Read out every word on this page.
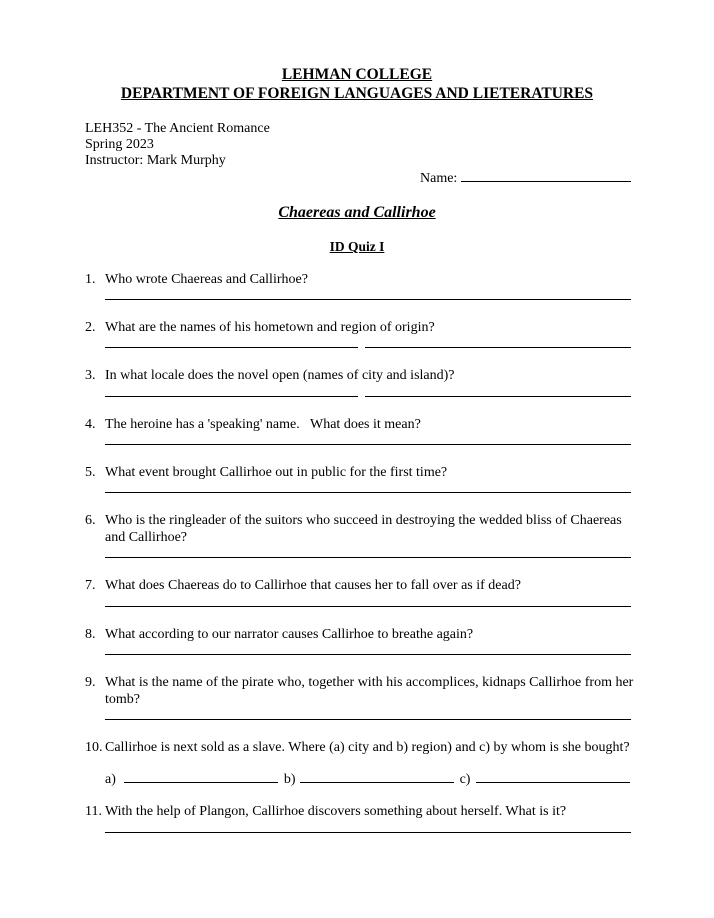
LEHMAN COLLEGE
DEPARTMENT OF FOREIGN LANGUAGES AND LIETERATURES
LEH352 - The Ancient Romance
Spring 2023
Instructor: Mark Murphy
Name:
Chaereas and Callirhoe
ID Quiz I
1. Who wrote Chaereas and Callirhoe?
2. What are the names of his hometown and region of origin?
3. In what locale does the novel open (names of city and island)?
4. The heroine has a 'speaking' name.   What does it mean?
5. What event brought Callirhoe out in public for the first time?
6. Who is the ringleader of the suitors who succeed in destroying the wedded bliss of Chaereas and Callirhoe?
7. What does Chaereas do to Callirhoe that causes her to fall over as if dead?
8. What according to our narrator causes Callirhoe to breathe again?
9. What is the name of the pirate who, together with his accomplices, kidnaps Callirhoe from her tomb?
10. Callirhoe is next sold as a slave. Where (a) city and b) region) and c) by whom is she bought?
a)	b)	c)
11. With the help of Plangon, Callirhoe discovers something about herself. What is it?
